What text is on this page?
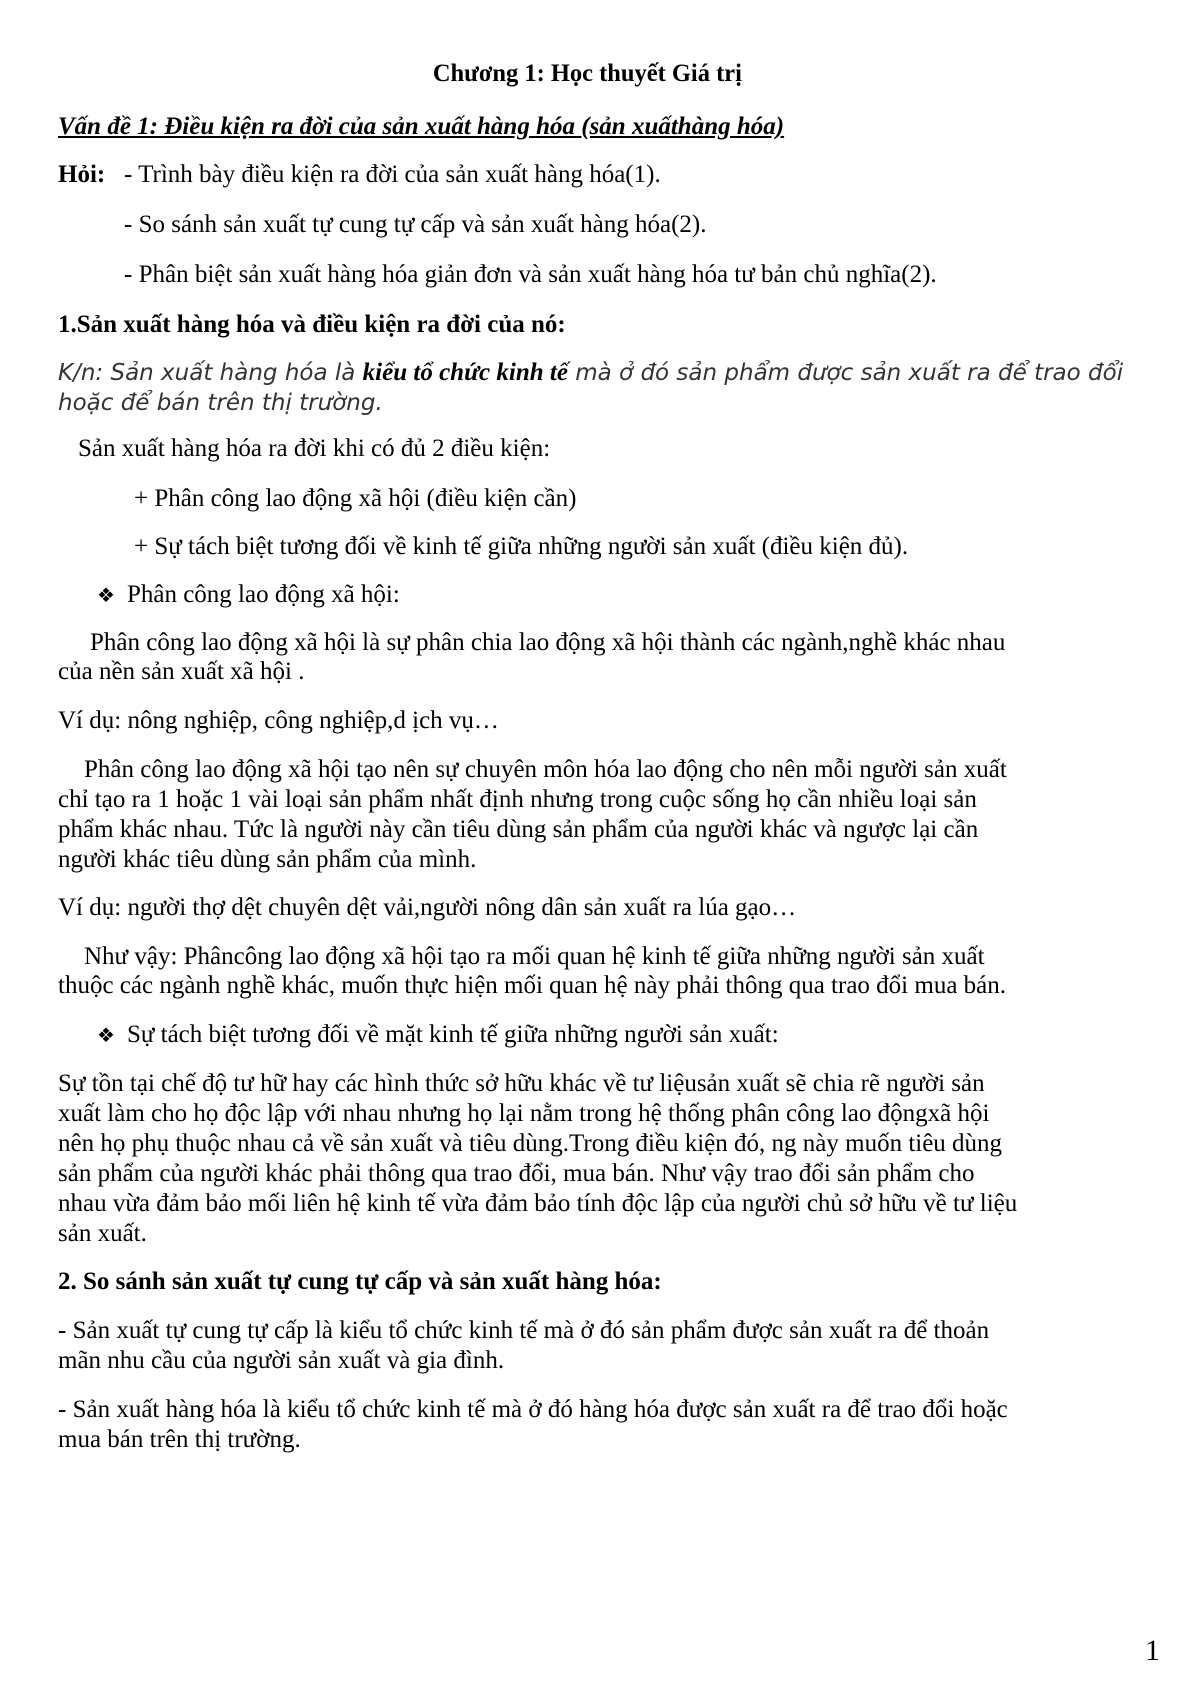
Chương 1: Học thuyết Giá trị
Vấn đề 1: Điều kiện ra đời của sản xuất hàng hóa (sản xuấthàng hóa)
Hỏi: - Trình bày điều kiện ra đời của sản xuất hàng hóa(1).
- So sánh sản xuất tự cung tự cấp và sản xuất hàng hóa(2).
- Phân biệt sản xuất hàng hóa giản đơn và sản xuất hàng hóa tư bản chủ nghĩa(2).
1.Sản xuất hàng hóa và điều kiện ra đời của nó:
K/n: Sản xuất hàng hóa là kiểu tổ chức kinh tế mà ở đó sản phẩm được sản xuất ra để trao đổi
hoặc để bán trên thị trường.
Sản xuất hàng hóa ra đời khi có đủ 2 điều kiện:
+ Phân công lao động xã hội (điều kiện cần)
+ Sự tách biệt tương đối về kinh tế giữa những người sản xuất (điều kiện đủ).
❖ Phân công lao động xã hội:
Phân công lao động xã hội là sự phân chia lao động xã hội thành các ngành,nghề khác nhau
của nền sản xuất xã hội .
Ví dụ: nông nghiệp, công nghiệp,d ịch vụ…
Phân công lao động xã hội tạo nên sự chuyên môn hóa lao động cho nên mỗi người sản xuất
chỉ tạo ra 1 hoặc 1 vài loại sản phẩm nhất định nhưng trong cuộc sống họ cần nhiều loại sản
phẩm khác nhau. Tức là người này cần tiêu dùng sản phẩm của người khác và ngược lại cần
người khác tiêu dùng sản phẩm của mình.
Ví dụ: người thợ dệt chuyên dệt vải,người nông dân sản xuất ra lúa gạo…
Như vậy: Phâncông lao động xã hội tạo ra mối quan hệ kinh tế giữa những người sản xuất
thuộc các ngành nghề khác, muốn thực hiện mối quan hệ này phải thông qua trao đổi mua bán.
❖ Sự tách biệt tương đối về mặt kinh tế giữa những người sản xuất:
Sự tồn tại chế độ tư hữ hay các hình thức sở hữu khác về tư liệusản xuất sẽ chia rẽ người sản
xuất làm cho họ độc lập với nhau nhưng họ lại nằm trong hệ thống phân công lao độngxã hội
nên họ phụ thuộc nhau cả về sản xuất và tiêu dùng.Trong điều kiện đó, ng này muốn tiêu dùng
sản phẩm của người khác phải thông qua trao đổi, mua bán. Như vậy trao đổi sản phẩm cho
nhau vừa đảm bảo mối liên hệ kinh tế vừa đảm bảo tính độc lập của người chủ sở hữu về tư liệu
sản xuất.
2. So sánh sản xuất tự cung tự cấp và sản xuất hàng hóa:
- Sản xuất tự cung tự cấp là kiểu tổ chức kinh tế mà ở đó sản phẩm được sản xuất ra để thoản
mãn nhu cầu của người sản xuất và gia đình.
- Sản xuất hàng hóa là kiểu tổ chức kinh tế mà ở đó hàng hóa được sản xuất ra để trao đổi hoặc
mua bán trên thị trường.
1
